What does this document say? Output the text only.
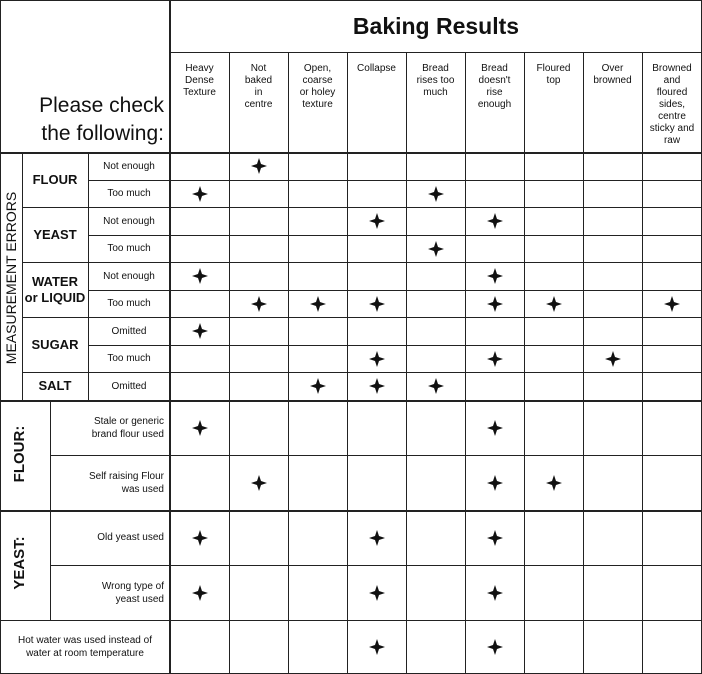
Baking Results
Please check
the following:
MEASUREMENT ERRORS
FLOUR:
YEAST:
Heavy
Dense
Texture
Not
baked
in
centre
Open,
coarse
or holey
texture
Collapse	Bread
rises too
much
Bread
doesn't
rise
enough
Floured
top
Over
browned
Browned
and
floured
sides,
centre
sticky and
raw
FLOUR
YEAST
WATER
or LIQUID
SUGAR
SALT
Not enough
Too much
Not enough
Too much
Not enough
Too much
Omitted
Too much
Omitted
Stale or generic
brand flour used
Self raising Flour
was used
Old yeast used
Wrong type of
yeast used
Hot water was used instead of
water at room temperature
